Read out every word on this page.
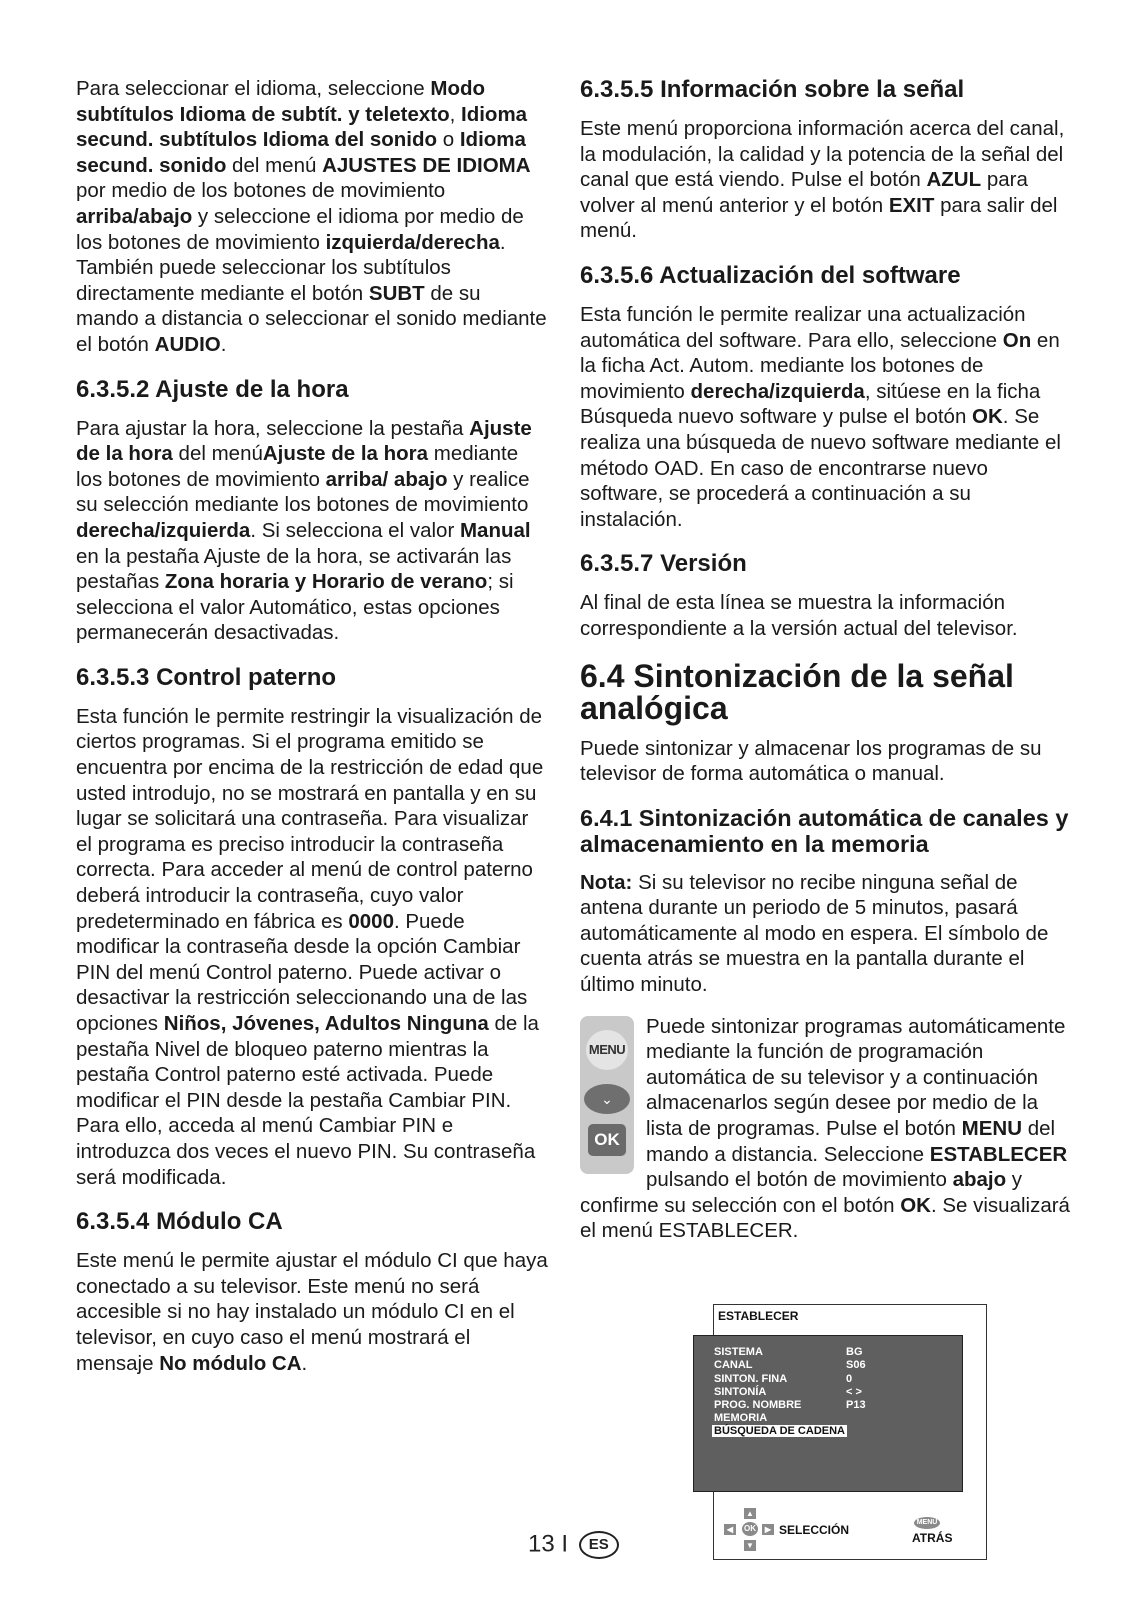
Para seleccionar el idioma, seleccione Modo subtítulos Idioma de subtít. y teletexto, Idioma secund. subtítulos Idioma del sonido o Idioma secund. sonido del menú AJUSTES DE IDIOMA por medio de los botones de movimiento arriba/abajo y seleccione el idioma por medio de los botones de movimiento izquierda/derecha. También puede seleccionar los subtítulos directamente mediante el botón SUBT de su mando a distancia o seleccionar el sonido mediante el botón AUDIO.

6.3.5.2 Ajuste de la hora

Para ajustar la hora, seleccione la pestaña Ajuste de la hora del menúAjuste de la hora mediante los botones de movimiento arriba/ abajo y realice su selección mediante los botones de movimiento derecha/izquierda. Si selecciona el valor Manual en la pestaña Ajuste de la hora, se activarán las pestañas Zona horaria y Horario de verano; si selecciona el valor Automático, estas opciones permanecerán desactivadas.

6.3.5.3 Control paterno

Esta función le permite restringir la visualización de ciertos programas. Si el programa emitido se encuentra por encima de la restricción de edad que usted introdujo, no se mostrará en pantalla y en su lugar se solicitará una contraseña. Para visualizar el programa es preciso introducir la contraseña correcta. Para acceder al menú de control paterno deberá introducir la contraseña, cuyo valor predeterminado en fábrica es 0000. Puede modificar la contraseña desde la opción Cambiar PIN del menú Control paterno. Puede activar o desactivar la restricción seleccionando una de las opciones Niños, Jóvenes, Adultos Ninguna de la pestaña Nivel de bloqueo paterno mientras la pestaña Control paterno esté activada. Puede modificar el PIN desde la pestaña Cambiar PIN. Para ello, acceda al menú Cambiar PIN e introduzca dos veces el nuevo PIN. Su contraseña será modificada.

6.3.5.4 Módulo CA

Este menú le permite ajustar el módulo CI que haya conectado a su televisor. Este menú no será accesible si no hay instalado un módulo CI en el televisor, en cuyo caso el menú mostrará el mensaje No módulo CA.

6.3.5.5 Información sobre la señal

Este menú proporciona información acerca del canal, la modulación, la calidad y la potencia de la señal del canal que está viendo. Pulse el botón AZUL para volver al menú anterior y el botón EXIT para salir del menú.

6.3.5.6 Actualización del software

Esta función le permite realizar una actualización automática del software. Para ello, seleccione On en la ficha Act. Autom. mediante los botones de movimiento derecha/izquierda, sitúese en la ficha Búsqueda nuevo software y pulse el botón OK. Se realiza una búsqueda de nuevo software mediante el método OAD. En caso de encontrarse nuevo software, se procederá a continuación a su instalación.

6.3.5.7 Versión

Al final de esta línea se muestra la información correspondiente a la versión actual del televisor.

6.4 Sintonización de la señal analógica

Puede sintonizar y almacenar los programas de su televisor de forma automática o manual.

6.4.1 Sintonización automática de canales y almacenamiento en la memoria

Nota: Si su televisor no recibe ninguna señal de antena durante un periodo de 5 minutos, pasará automáticamente al modo en espera. El símbolo de cuenta atrás se muestra en la pantalla durante el último minuto.

MENU
⌄
OK

Puede sintonizar programas automáticamente mediante la función de programación automática de su televisor y a continuación almacenarlos según desee por medio de la lista de programas. Pulse el botón MENU del mando a distancia. Seleccione ESTABLECER pulsando el botón de movimiento abajo y confirme su selección con el botón OK. Se visualizará el menú ESTABLECER.

ESTABLECER
SISTEMA	BG
CANAL	S06
SINTON. FINA	0
SINTONÍA	< >
PROG. NOMBRE	P13
MEMORIA
BÚSQUEDA DE CADENA
▲
◀	OK	▶
▼
SELECCIÓN
MENU
ATRÁS
13 I ES
